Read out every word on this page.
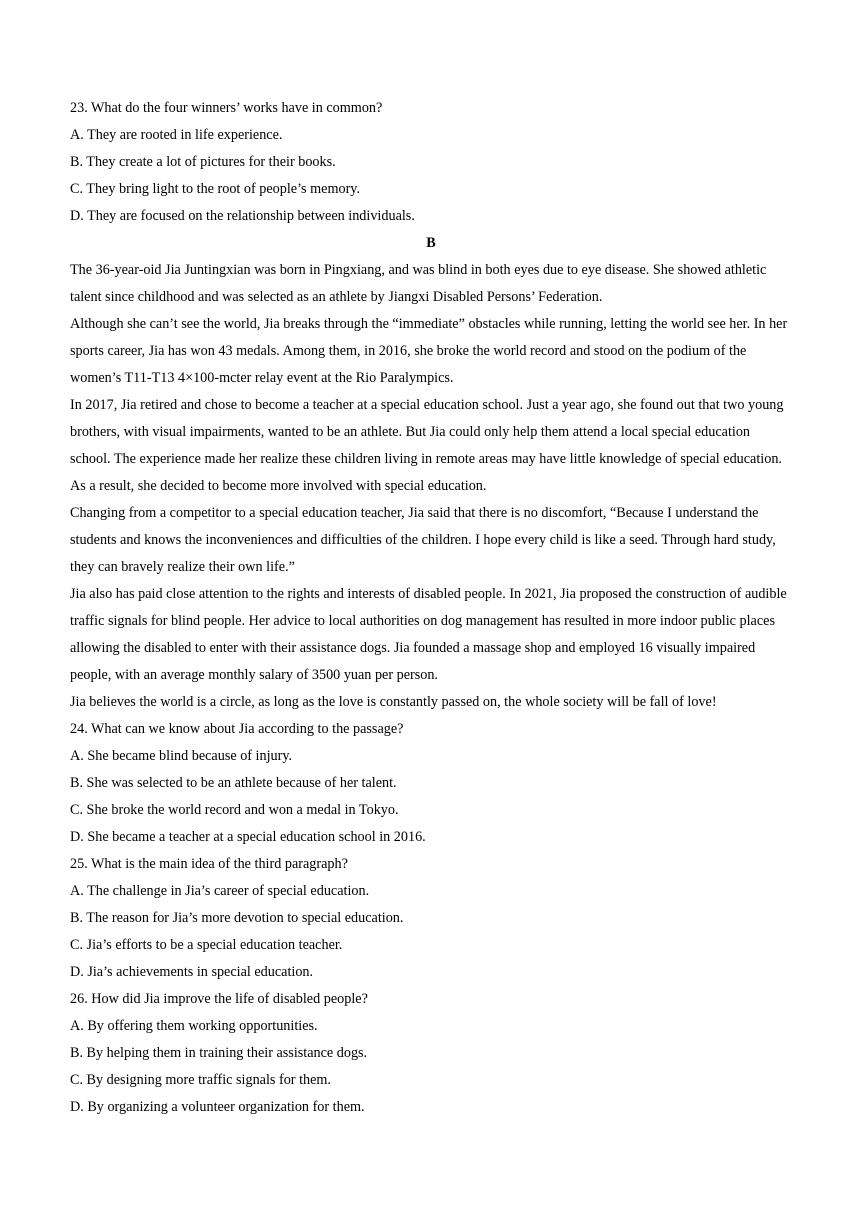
23. What do the four winners’ works have in common?
A. They are rooted in life experience.
B. They create a lot of pictures for their books.
C. They bring light to the root of people’s memory.
D. They are focused on the relationship between individuals.
B
The 36-year-oid Jia Juntingxian was born in Pingxiang, and was blind in both eyes due to eye disease. She showed athletic talent since childhood and was selected as an athlete by Jiangxi Disabled Persons’ Federation.
Although she can’t see the world, Jia breaks through the “immediate” obstacles while running, letting the world see her. In her sports career, Jia has won 43 medals. Among them, in 2016, she broke the world record and stood on the podium of the women’s T11-T13 4×100-mcter relay event at the Rio Paralympics.
In 2017, Jia retired and chose to become a teacher at a special education school. Just a year ago, she found out that two young brothers, with visual impairments, wanted to be an athlete. But Jia could only help them attend a local special education school. The experience made her realize these children living in remote areas may have little knowledge of special education. As a result, she decided to become more involved with special education.
Changing from a competitor to a special education teacher, Jia said that there is no discomfort, “Because I understand the students and knows the inconveniences and difficulties of the children. I hope every child is like a seed. Through hard study, they can bravely realize their own life.”
Jia also has paid close attention to the rights and interests of disabled people. In 2021, Jia proposed the construction of audible traffic signals for blind people. Her advice to local authorities on dog management has resulted in more indoor public places allowing the disabled to enter with their assistance dogs. Jia founded a massage shop and employed 16 visually impaired people, with an average monthly salary of 3500 yuan per person.
Jia believes the world is a circle, as long as the love is constantly passed on, the whole society will be fall of love!
24. What can we know about Jia according to the passage?
A. She became blind because of injury.
B. She was selected to be an athlete because of her talent.
C. She broke the world record and won a medal in Tokyo.
D. She became a teacher at a special education school in 2016.
25. What is the main idea of the third paragraph?
A. The challenge in Jia’s career of special education.
B. The reason for Jia’s more devotion to special education.
C. Jia’s efforts to be a special education teacher.
D. Jia’s achievements in special education.
26. How did Jia improve the life of disabled people?
A. By offering them working opportunities.
B. By helping them in training their assistance dogs.
C. By designing more traffic signals for them.
D. By organizing a volunteer organization for them.
